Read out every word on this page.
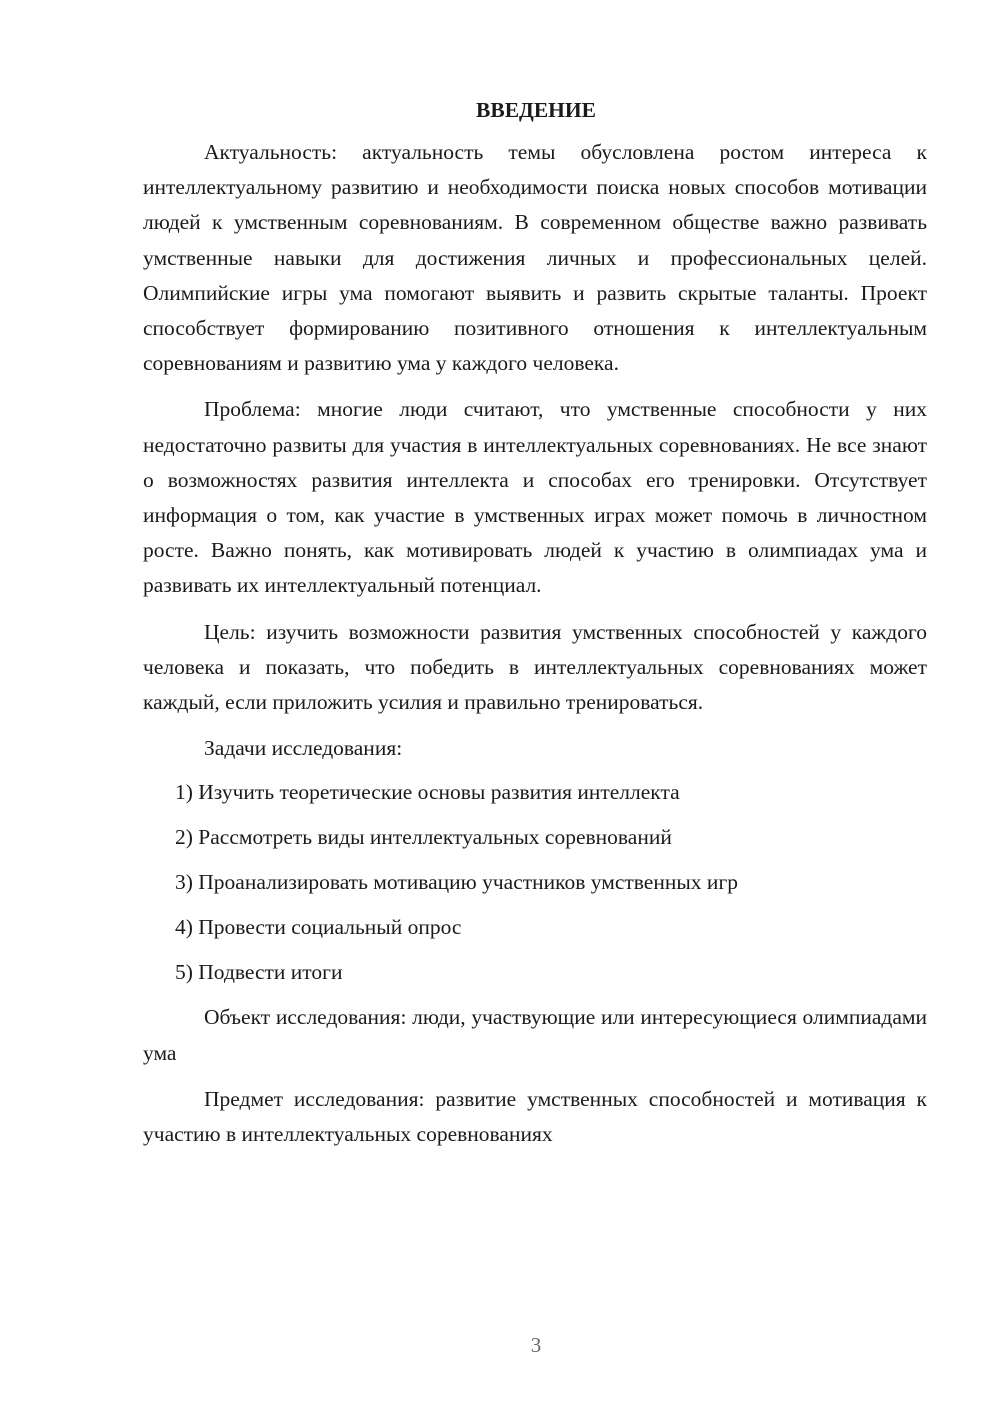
ВВЕДЕНИЕ

Актуальность: актуальность темы обусловлена ростом интереса к интеллектуальному развитию и необходимости поиска новых способов мотивации людей к умственным соревнованиям. В современном обществе важно развивать умственные навыки для достижения личных и профессиональных целей. Олимпийские игры ума помогают выявить и развить скрытые таланты. Проект способствует формированию позитивного отношения к интеллектуальным соревнованиям и развитию ума у каждого человека.

Проблема: многие люди считают, что умственные способности у них недостаточно развиты для участия в интеллектуальных соревнованиях. Не все знают о возможностях развития интеллекта и способах его тренировки. Отсутствует информация о том, как участие в умственных играх может помочь в личностном росте. Важно понять, как мотивировать людей к участию в олимпиадах ума и развивать их интеллектуальный потенциал.

Цель: изучить возможности развития умственных способностей у каждого человека и показать, что победить в интеллектуальных соревнованиях может каждый, если приложить усилия и правильно тренироваться.

Задачи исследования:

1) Изучить теоретические основы развития интеллекта
2) Рассмотреть виды интеллектуальных соревнований
3) Проанализировать мотивацию участников умственных игр
4) Провести социальный опрос
5) Подвести итоги

Объект исследования: люди, участвующие или интересующиеся олимпиадами ума

Предмет исследования: развитие умственных способностей и мотивация к участию в интеллектуальных соревнованиях

3
